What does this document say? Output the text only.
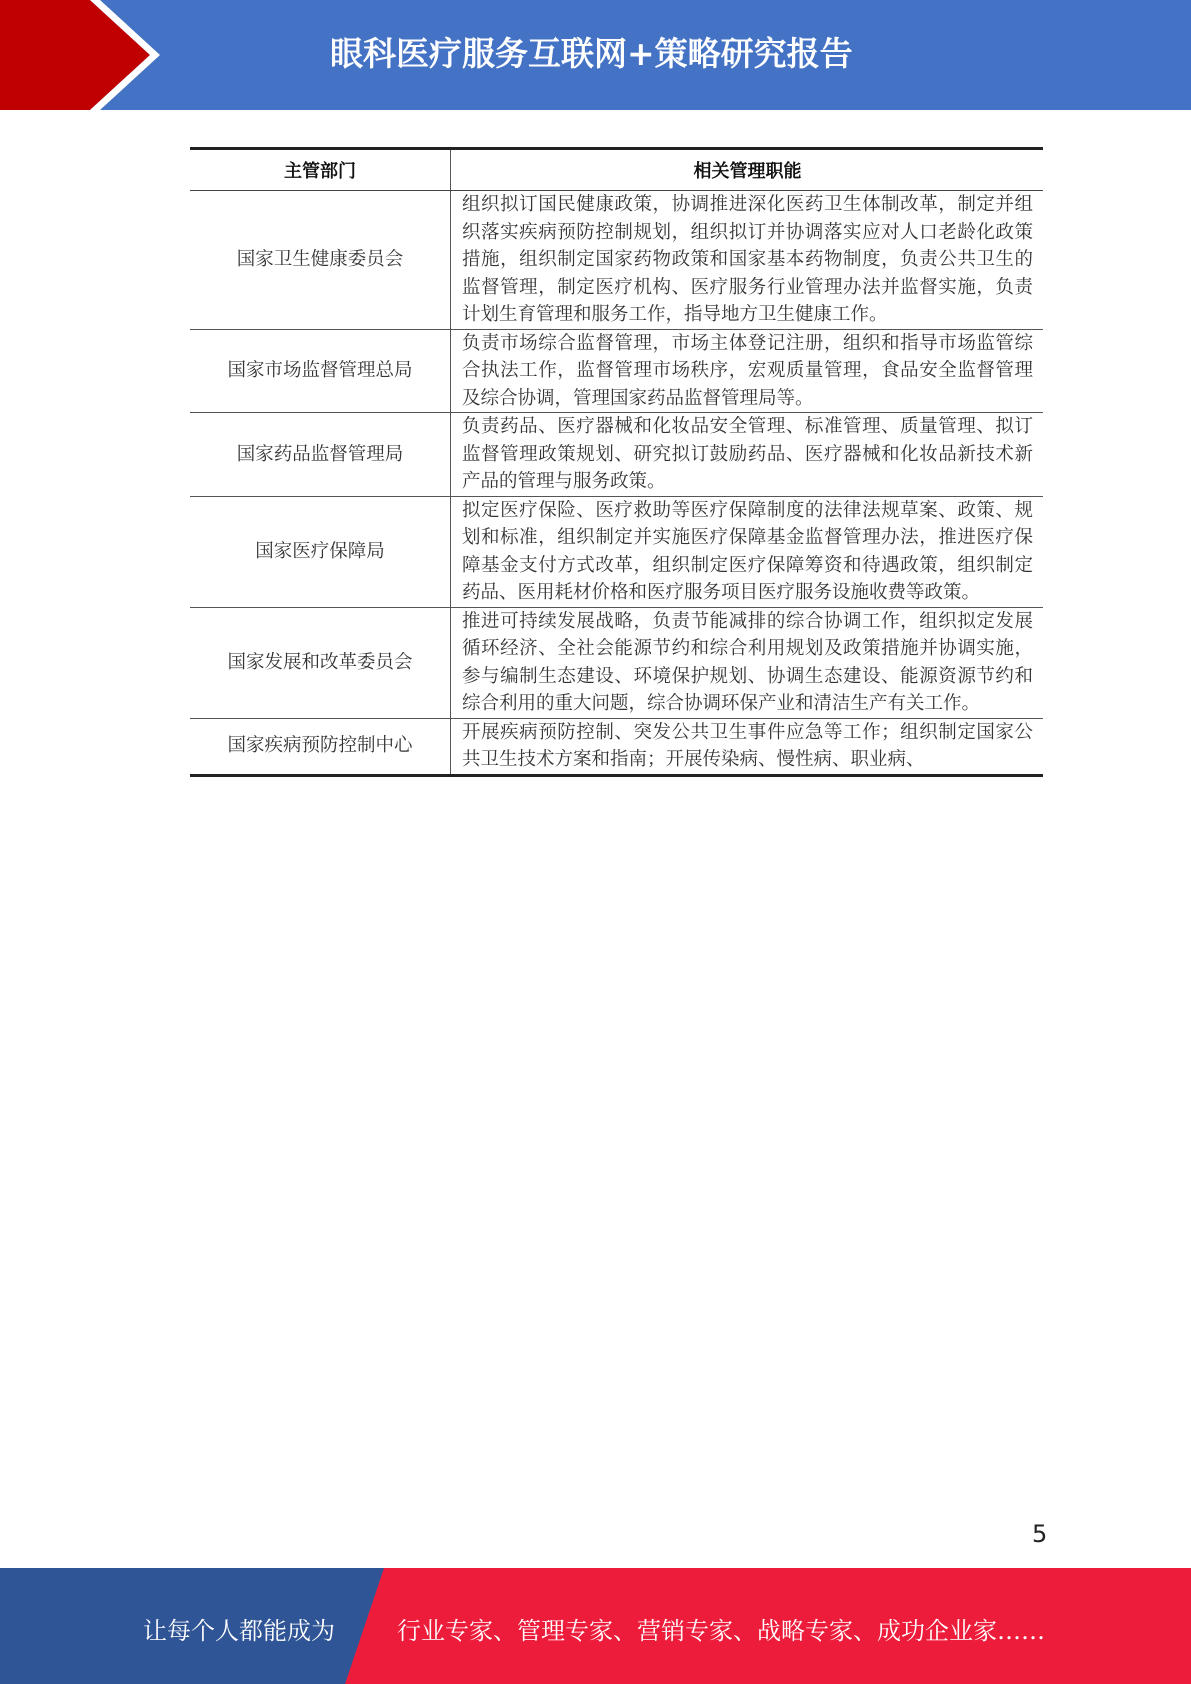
眼科医疗服务互联网+策略研究报告
主管部门	相关管理职能
国家卫生健康委员会	组织拟订国民健康政策，协调推进深化医药卫生体制改革，制定并组织落实疾病预防控制规划，组织拟订并协调落实应对人口老龄化政策措施，组织制定国家药物政策和国家基本药物制度，负责公共卫生的监督管理，制定医疗机构、医疗服务行业管理办法并监督实施，负责计划生育管理和服务工作，指导地方卫生健康工作。
国家市场监督管理总局	负责市场综合监督管理，市场主体登记注册，组织和指导市场监管综合执法工作，监督管理市场秩序，宏观质量管理，食品安全监督管理及综合协调，管理国家药品监督管理局等。
国家药品监督管理局	负责药品、医疗器械和化妆品安全管理、标准管理、质量管理、拟订监督管理政策规划、研究拟订鼓励药品、医疗器械和化妆品新技术新产品的管理与服务政策。
国家医疗保障局	拟定医疗保险、医疗救助等医疗保障制度的法律法规草案、政策、规划和标准，组织制定并实施医疗保障基金监督管理办法，推进医疗保障基金支付方式改革，组织制定医疗保障筹资和待遇政策，组织制定药品、医用耗材价格和医疗服务项目医疗服务设施收费等政策。
国家发展和改革委员会	推进可持续发展战略，负责节能减排的综合协调工作，组织拟定发展循环经济、全社会能源节约和综合利用规划及政策措施并协调实施，参与编制生态建设、环境保护规划、协调生态建设、能源资源节约和综合利用的重大问题，综合协调环保产业和清洁生产有关工作。
国家疾病预防控制中心	开展疾病预防控制、突发公共卫生事件应急等工作；组织制定国家公共卫生技术方案和指南；开展传染病、慢性病、职业病、
5
让每个人都能成为	行业专家、管理专家、营销专家、战略专家、成功企业家……
